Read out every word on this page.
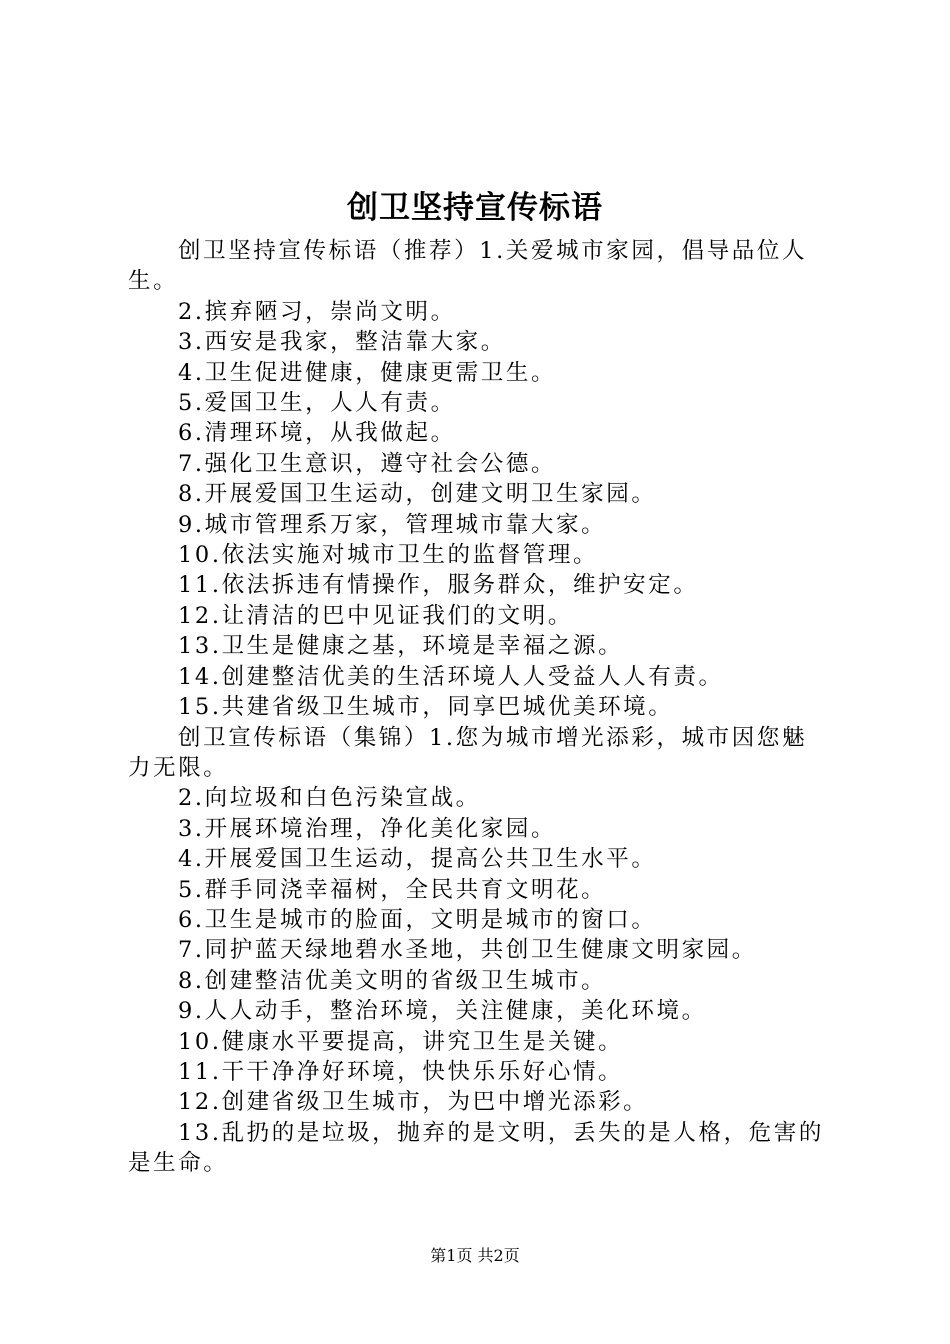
创卫坚持宣传标语

创卫坚持宣传标语（推荐）1.关爱城市家园，倡导品位人生。

2.摈弃陋习，崇尚文明。

3.西安是我家，整洁靠大家。

4.卫生促进健康，健康更需卫生。

5.爱国卫生，人人有责。

6.清理环境，从我做起。

7.强化卫生意识，遵守社会公德。

8.开展爱国卫生运动，创建文明卫生家园。

9.城市管理系万家，管理城市靠大家。

10.依法实施对城市卫生的监督管理。

11.依法拆违有情操作，服务群众，维护安定。

12.让清洁的巴中见证我们的文明。

13.卫生是健康之基，环境是幸福之源。

14.创建整洁优美的生活环境人人受益人人有责。

15.共建省级卫生城市，同享巴城优美环境。

创卫宣传标语（集锦）1.您为城市增光添彩，城市因您魅力无限。

2.向垃圾和白色污染宣战。

3.开展环境治理，净化美化家园。

4.开展爱国卫生运动，提高公共卫生水平。

5.群手同浇幸福树，全民共育文明花。

6.卫生是城市的脸面，文明是城市的窗口。

7.同护蓝天绿地碧水圣地，共创卫生健康文明家园。

8.创建整洁优美文明的省级卫生城市。

9.人人动手，整治环境，关注健康，美化环境。

10.健康水平要提高，讲究卫生是关键。

11.干干净净好环境，快快乐乐好心情。

12.创建省级卫生城市，为巴中增光添彩。

13.乱扔的是垃圾，抛弃的是文明，丢失的是人格，危害的是生命。

第1页 共2页
